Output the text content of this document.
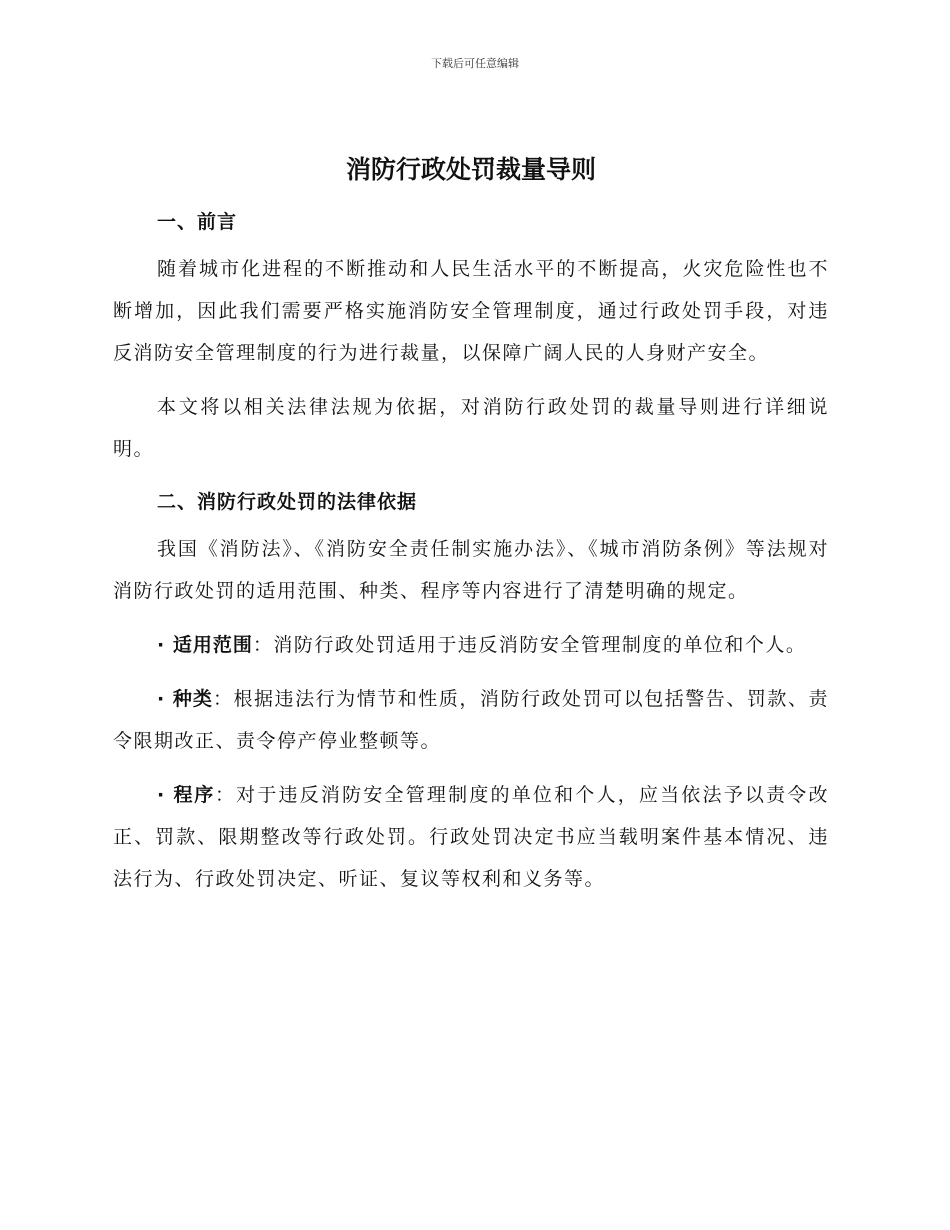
下载后可任意编辑
消防行政处罚裁量导则
一、前言
随着城市化进程的不断推动和人民生活水平的不断提高，火灾危险性也不断增加，因此我们需要严格实施消防安全管理制度，通过行政处罚手段，对违反消防安全管理制度的行为进行裁量，以保障广阔人民的人身财产安全。
本文将以相关法律法规为依据，对消防行政处罚的裁量导则进行详细说明。
二、消防行政处罚的法律依据
我国《消防法》、《消防安全责任制实施办法》、《城市消防条例》等法规对消防行政处罚的适用范围、种类、程序等内容进行了清楚明确的规定。
· 适用范围：消防行政处罚适用于违反消防安全管理制度的单位和个人。
· 种类：根据违法行为情节和性质，消防行政处罚可以包括警告、罚款、责令限期改正、责令停产停业整顿等。
· 程序：对于违反消防安全管理制度的单位和个人，应当依法予以责令改正、罚款、限期整改等行政处罚。行政处罚决定书应当载明案件基本情况、违法行为、行政处罚决定、听证、复议等权利和义务等。
